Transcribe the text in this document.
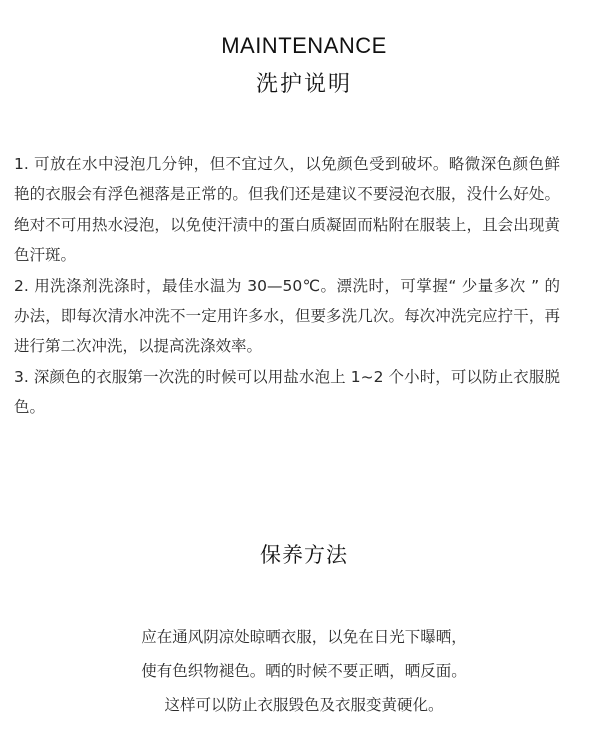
MAINTENANCE
洗护说明

1. 可放在水中浸泡几分钟，但不宜过久，以免颜色受到破坏。略微深色颜色鲜艳的衣服会有浮色褪落是正常的。但我们还是建议不要浸泡衣服，没什么好处。绝对不可用热水浸泡，以免使汗渍中的蛋白质凝固而粘附在服装上，且会出现黄色汗斑。

2. 用洗涤剂洗涤时，最佳水温为 30—50℃。漂洗时，可掌握“ 少量多次 ” 的办法，即每次清水冲洗不一定用许多水，但要多洗几次。每次冲洗完应拧干，再进行第二次冲洗，以提高洗涤效率。

3. 深颜色的衣服第一次洗的时候可以用盐水泡上 1~2 个小时，可以防止衣服脱色。

保养方法
应在通风阴凉处晾晒衣服，以免在日光下曝晒，
使有色织物褪色。晒的时候不要正晒，晒反面。
这样可以防止衣服毁色及衣服变黄硬化。
